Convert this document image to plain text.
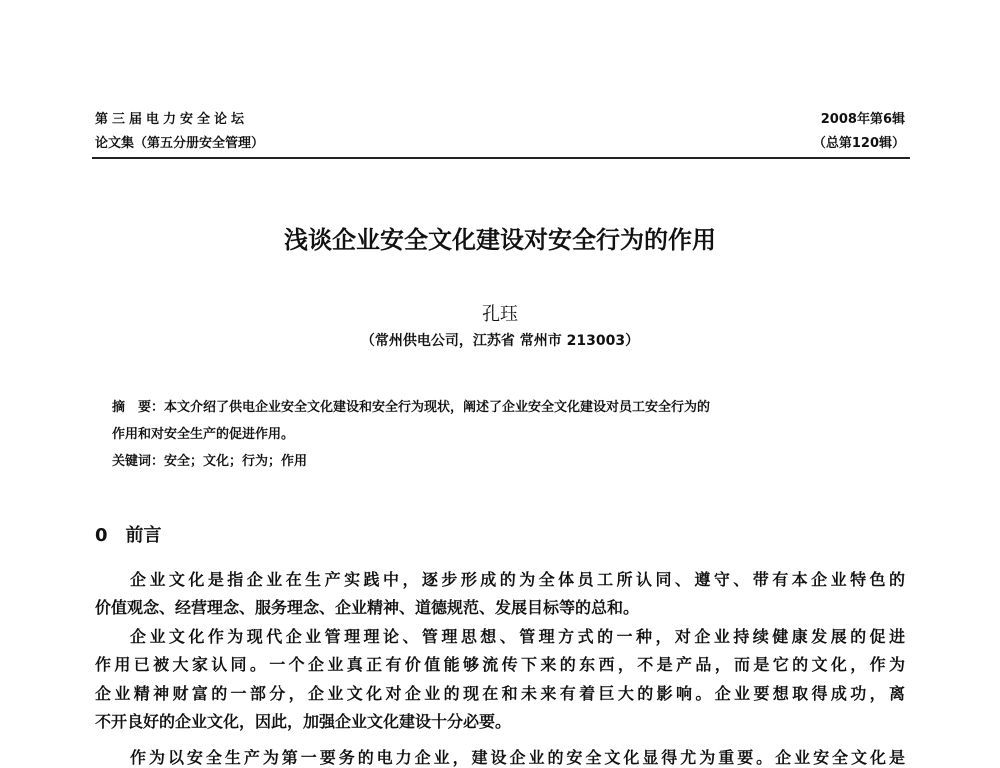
第三届电力安全论坛
论文集（第五分册安全管理）
2008年第6辑
（总第120辑）
浅谈企业安全文化建设对安全行为的作用
孔珏
（常州供电公司，江苏省 常州市 213003）
摘　要：本文介绍了供电企业安全文化建设和安全行为现状，阐述了企业安全文化建设对员工安全行为的
作用和对安全生产的促进作用。
关键词：安全；文化；行为；作用
0　前言
企业文化是指企业在生产实践中，逐步形成的为全体员工所认同、遵守、带有本企业特色的
价值观念、经营理念、服务理念、企业精神、道德规范、发展目标等的总和。
企业文化作为现代企业管理理论、管理思想、管理方式的一种，对企业持续健康发展的促进
作用已被大家认同。一个企业真正有价值能够流传下来的东西，不是产品，而是它的文化，作为
企业精神财富的一部分，企业文化对企业的现在和未来有着巨大的影响。企业要想取得成功，离
不开良好的企业文化，因此，加强企业文化建设十分必要。
作为以安全生产为第一要务的电力企业，建设企业的安全文化显得尤为重要。企业安全文化是
